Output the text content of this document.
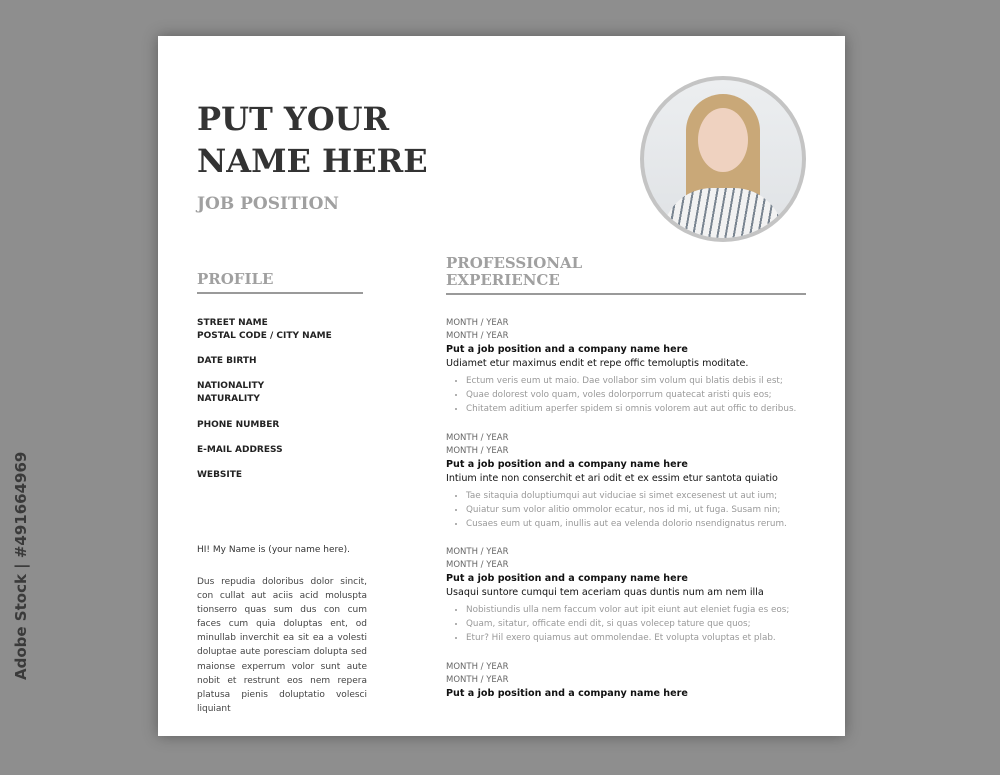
Adobe Stock | #491664969
PUT YOUR
NAME HERE
JOB POSITION
PROFILE
PROFESSIONAL
EXPERIENCE
STREET NAME
POSTAL CODE / CITY NAME
DATE BIRTH
NATIONALITY
NATURALITY
PHONE NUMBER
E-MAIL ADDRESS
WEBSITE
HI! My Name is (your name here).
Dus repudia doloribus dolor sincit, con cullat aut aciis acid moluspta tionserro quas sum dus con cum faces cum quia doluptas ent, od minullab inverchit ea sit ea a volesti doluptae aute poresciam dolupta sed maionse experrum volor sunt aute nobit et restrunt eos nem repera platusa pienis doluptatio volesci liquiant
MONTH / YEAR
MONTH / YEAR
Put a job position and a company name here
Udiamet etur maximus endit et repe offic temoluptis moditate.
• Ectum veris eum ut maio. Dae vollabor sim volum qui blatis debis il est;
• Quae dolorest volo quam, voles dolorporrum quatecat aristi quis eos;
• Chitatem aditium aperfer spidem si omnis volorem aut aut offic to deribus.
MONTH / YEAR
MONTH / YEAR
Put a job position and a company name here
Intium inte non conserchit et ari odit et ex essim etur santota quiatio
• Tae sitaquia doluptiumqui aut viduciae si simet excesenest ut aut ium;
• Quiatur sum volor alitio ommolor ecatur, nos id mi, ut fuga. Susam nin;
• Cusaes eum ut quam, inullis aut ea velenda dolorio nsendignatus rerum.
MONTH / YEAR
MONTH / YEAR
Put a job position and a company name here
Usaqui suntore cumqui tem aceriam quas duntis num am nem illa
• Nobistiundis ulla nem faccum volor aut ipit eiunt aut eleniet fugia es eos;
• Quam, sitatur, officate endi dit, si quas volecep tature que quos;
• Etur? Hil exero quiamus aut ommolendae. Et volupta voluptas et plab.
MONTH / YEAR
MONTH / YEAR
Put a job position and a company name here
